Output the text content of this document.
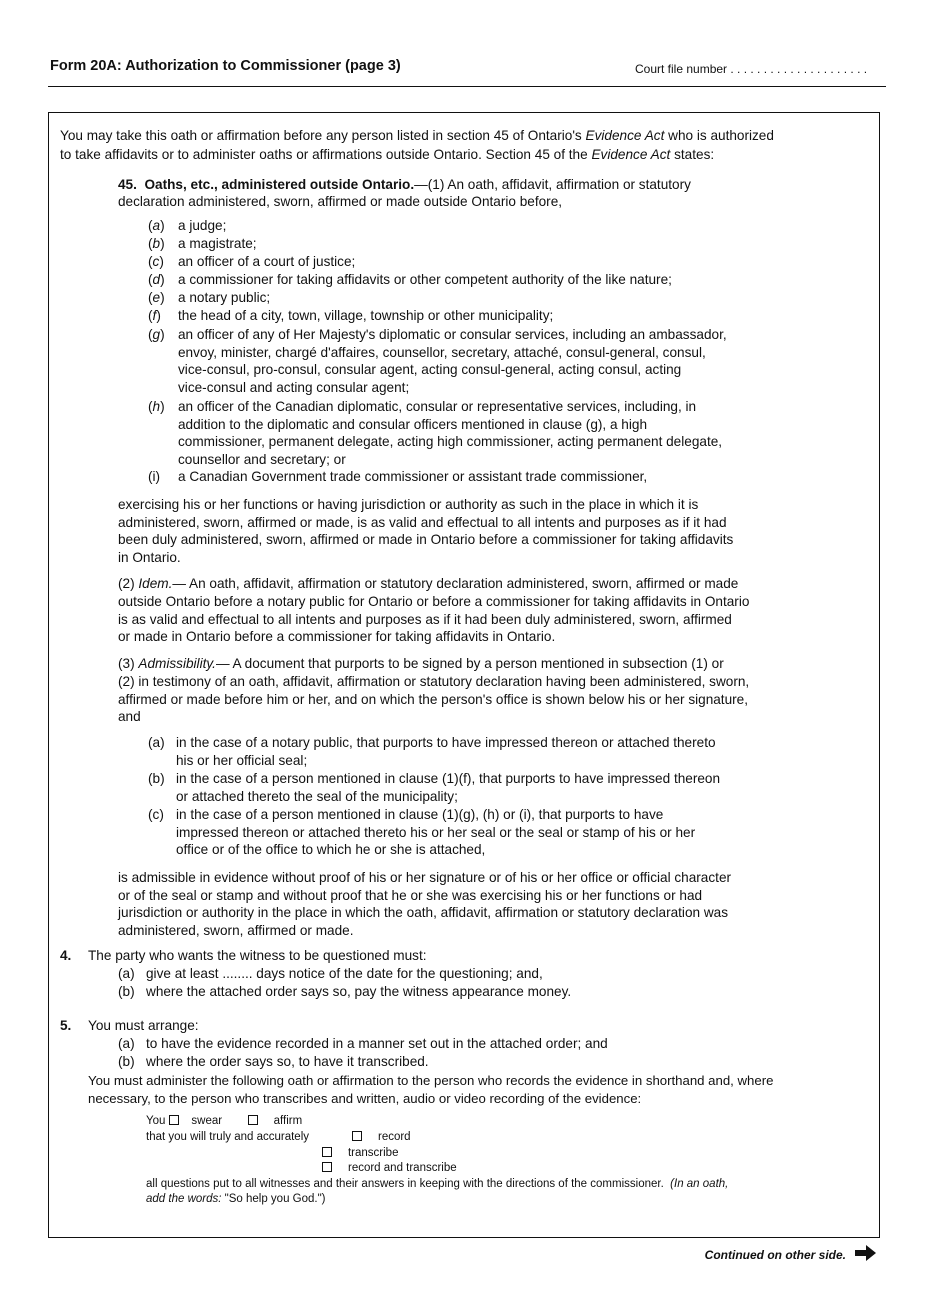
Form 20A: Authorization to Commissioner (page 3)	Court file number . . . . . . . . . . . . . . . . . . . . .
You may take this oath or affirmation before any person listed in section 45 of Ontario's Evidence Act who is authorized
to take affidavits or to administer oaths or affirmations outside Ontario. Section 45 of the Evidence Act states:
45. Oaths, etc., administered outside Ontario.—(1) An oath, affidavit, affirmation or statutory
declaration administered, sworn, affirmed or made outside Ontario before,
(a) a judge;
(b) a magistrate;
(c) an officer of a court of justice;
(d) a commissioner for taking affidavits or other competent authority of the like nature;
(e) a notary public;
(f) the head of a city, town, village, township or other municipality;
(g) an officer of any of Her Majesty's diplomatic or consular services, including an ambassador,
envoy, minister, chargé d'affaires, counsellor, secretary, attaché, consul-general, consul,
vice-consul, pro-consul, consular agent, acting consul-general, acting consul, acting
vice-consul and acting consular agent;
(h) an officer of the Canadian diplomatic, consular or representative services, including, in
addition to the diplomatic and consular officers mentioned in clause (g), a high
commissioner, permanent delegate, acting high commissioner, acting permanent delegate,
counsellor and secretary; or
(i) a Canadian Government trade commissioner or assistant trade commissioner,
exercising his or her functions or having jurisdiction or authority as such in the place in which it is
administered, sworn, affirmed or made, is as valid and effectual to all intents and purposes as if it had
been duly administered, sworn, affirmed or made in Ontario before a commissioner for taking affidavits
in Ontario.
(2) Idem.— An oath, affidavit, affirmation or statutory declaration administered, sworn, affirmed or made
outside Ontario before a notary public for Ontario or before a commissioner for taking affidavits in Ontario
is as valid and effectual to all intents and purposes as if it had been duly administered, sworn, affirmed
or made in Ontario before a commissioner for taking affidavits in Ontario.
(3) Admissibility.— A document that purports to be signed by a person mentioned in subsection (1) or
(2) in testimony of an oath, affidavit, affirmation or statutory declaration having been administered, sworn,
affirmed or made before him or her, and on which the person's office is shown below his or her signature,
and
(a) in the case of a notary public, that purports to have impressed thereon or attached thereto
his or her official seal;
(b) in the case of a person mentioned in clause (1)(f), that purports to have impressed thereon
or attached thereto the seal of the municipality;
(c) in the case of a person mentioned in clause (1)(g), (h) or (i), that purports to have
impressed thereon or attached thereto his or her seal or the seal or stamp of his or her
office or of the office to which he or she is attached,
is admissible in evidence without proof of his or her signature or of his or her office or official character
or of the seal or stamp and without proof that he or she was exercising his or her functions or had
jurisdiction or authority in the place in which the oath, affidavit, affirmation or statutory declaration was
administered, sworn, affirmed or made.
4. The party who wants the witness to be questioned must:
(a) give at least ........ days notice of the date for the questioning; and,
(b) where the attached order says so, pay the witness appearance money.
5. You must arrange:
(a) to have the evidence recorded in a manner set out in the attached order; and
(b) where the order says so, to have it transcribed.
You must administer the following oath or affirmation to the person who records the evidence in shorthand and, where
necessary, to the person who transcribes and written, audio or video recording of the evidence:
You swear	affirm
that you will truly and accurately	record
transcribe
record and transcribe
all questions put to all witnesses and their answers in keeping with the directions of the commissioner. (In an oath,
add the words: "So help you God.")
Continued on other side.
